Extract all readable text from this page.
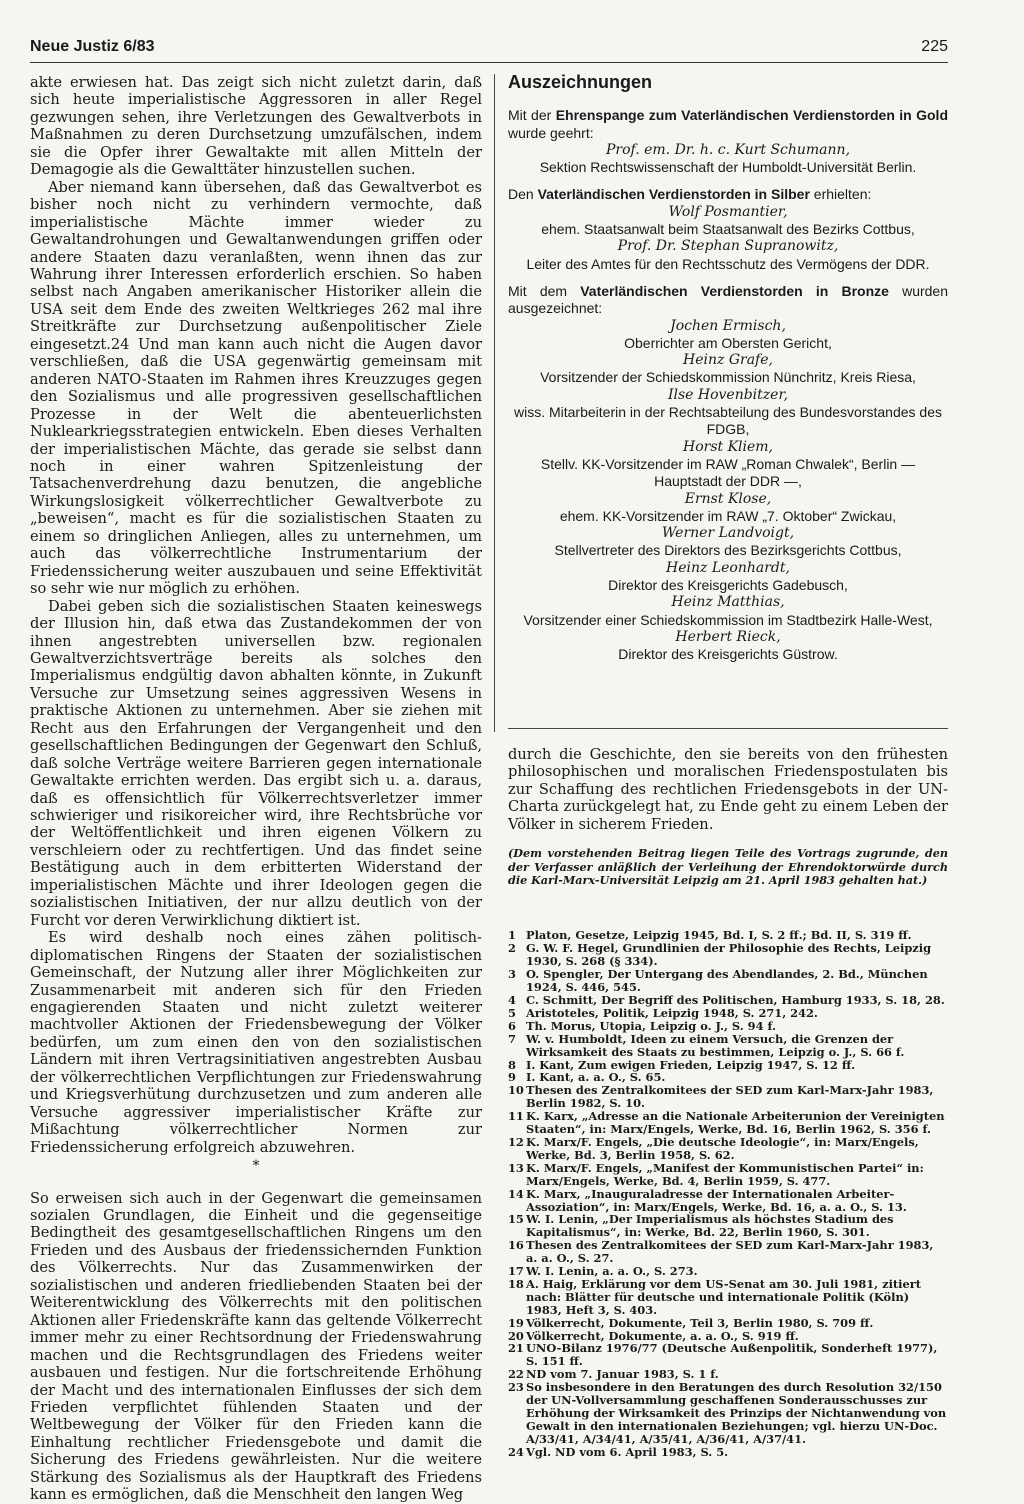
Neue Justiz 6/83	225

akte erwiesen hat. Das zeigt sich nicht zuletzt darin, daß sich heute imperialistische Aggressoren in aller Regel gezwungen sehen, ihre Verletzungen des Gewaltverbots in Maßnahmen zu deren Durchsetzung umzufälschen, indem sie die Opfer ihrer Gewaltakte mit allen Mitteln der Demagogie als die Gewalttäter hinzustellen suchen.

Aber niemand kann übersehen, daß das Gewaltverbot es bisher noch nicht zu verhindern vermochte, daß imperialistische Mächte immer wieder zu Gewaltandrohungen und Gewaltanwendungen griffen oder andere Staaten dazu veranlaßten, wenn ihnen das zur Wahrung ihrer Interessen erforderlich erschien. So haben selbst nach Angaben amerikanischer Historiker allein die USA seit dem Ende des zweiten Weltkrieges 262 mal ihre Streitkräfte zur Durchsetzung außenpolitischer Ziele eingesetzt.24 Und man kann auch nicht die Augen davor verschließen, daß die USA gegenwärtig gemeinsam mit anderen NATO-Staaten im Rahmen ihres Kreuzzuges gegen den Sozialismus und alle progressiven gesellschaftlichen Prozesse in der Welt die abenteuerlichsten Nuklearkriegsstrategien entwickeln. Eben dieses Verhalten der imperialistischen Mächte, das gerade sie selbst dann noch in einer wahren Spitzenleistung der Tatsachenverdrehung dazu benutzen, die angebliche Wirkungslosigkeit völkerrechtlicher Gewaltverbote zu „beweisen“, macht es für die sozialistischen Staaten zu einem so dringlichen Anliegen, alles zu unternehmen, um auch das völkerrechtliche Instrumentarium der Friedenssicherung weiter auszubauen und seine Effektivität so sehr wie nur möglich zu erhöhen.

Dabei geben sich die sozialistischen Staaten keineswegs der Illusion hin, daß etwa das Zustandekommen der von ihnen angestrebten universellen bzw. regionalen Gewaltverzichtsverträge bereits als solches den Imperialismus endgültig davon abhalten könnte, in Zukunft Versuche zur Umsetzung seines aggressiven Wesens in praktische Aktionen zu unternehmen. Aber sie ziehen mit Recht aus den Erfahrungen der Vergangenheit und den gesellschaftlichen Bedingungen der Gegenwart den Schluß, daß solche Verträge weitere Barrieren gegen internationale Gewaltakte errichten werden. Das ergibt sich u. a. daraus, daß es offensichtlich für Völkerrechtsverletzer immer schwieriger und risikoreicher wird, ihre Rechtsbrüche vor der Weltöffentlichkeit und ihren eigenen Völkern zu verschleiern oder zu rechtfertigen. Und das findet seine Bestätigung auch in dem erbitterten Widerstand der imperialistischen Mächte und ihrer Ideologen gegen die sozialistischen Initiativen, der nur allzu deutlich von der Furcht vor deren Verwirklichung diktiert ist.

Es wird deshalb noch eines zähen politisch-diplomatischen Ringens der Staaten der sozialistischen Gemeinschaft, der Nutzung aller ihrer Möglichkeiten zur Zusammenarbeit mit anderen sich für den Frieden engagierenden Staaten und nicht zuletzt weiterer machtvoller Aktionen der Friedensbewegung der Völker bedürfen, um zum einen den von den sozialistischen Ländern mit ihren Vertragsinitiativen angestrebten Ausbau der völkerrechtlichen Verpflichtungen zur Friedenswahrung und Kriegsverhütung durchzusetzen und zum anderen alle Versuche aggressiver imperialistischer Kräfte zur Mißachtung völkerrechtlicher Normen zur Friedenssicherung erfolgreich abzuwehren.

*

So erweisen sich auch in der Gegenwart die gemeinsamen sozialen Grundlagen, die Einheit und die gegenseitige Bedingtheit des gesamtgesellschaftlichen Ringens um den Frieden und des Ausbaus der friedenssichernden Funktion des Völkerrechts. Nur das Zusammenwirken der sozialistischen und anderen friedliebenden Staaten bei der Weiterentwicklung des Völkerrechts mit den politischen Aktionen aller Friedenskräfte kann das geltende Völkerrecht immer mehr zu einer Rechtsordnung der Friedenswahrung machen und die Rechtsgrundlagen des Friedens weiter ausbauen und festigen. Nur die fortschreitende Erhöhung der Macht und des internationalen Einflusses der sich dem Frieden verpflichtet fühlenden Staaten und der Weltbewegung der Völker für den Frieden kann die Einhaltung rechtlicher Friedensgebote und damit die Sicherung des Friedens gewährleisten. Nur die weitere Stärkung des Sozialismus als der Hauptkraft des Friedens kann es ermöglichen, daß die Menschheit den langen Weg

Auszeichnungen

Mit der Ehrenspange zum Vaterländischen Verdienstorden in Gold wurde geehrt:

Prof. em. Dr. h. c. Kurt Schumann,

Sektion Rechtswissenschaft der Humboldt-Universität Berlin.

Den Vaterländischen Verdienstorden in Silber erhielten:

Wolf Posmantier,

ehem. Staatsanwalt beim Staatsanwalt des Bezirks Cottbus,

Prof. Dr. Stephan Supranowitz,

Leiter des Amtes für den Rechtsschutz des Vermögens der DDR.

Mit dem Vaterländischen Verdienstorden in Bronze wurden ausgezeichnet:

Jochen Ermisch,

Oberrichter am Obersten Gericht,

Heinz Grafe,

Vorsitzender der Schiedskommission Nünchritz, Kreis Riesa,

Ilse Hovenbitzer,

wiss. Mitarbeiterin in der Rechtsabteilung des Bundesvorstandes des FDGB,

Horst Kliem,

Stellv. KK-Vorsitzender im RAW „Roman Chwalek“, Berlin — Hauptstadt der DDR —,

Ernst Klose,

ehem. KK-Vorsitzender im RAW „7. Oktober“ Zwickau,

Werner Landvoigt,

Stellvertreter des Direktors des Bezirksgerichts Cottbus,

Heinz Leonhardt,

Direktor des Kreisgerichts Gadebusch,

Heinz Matthias,

Vorsitzender einer Schiedskommission im Stadtbezirk Halle-West,

Herbert Rieck,

Direktor des Kreisgerichts Güstrow.

durch die Geschichte, den sie bereits von den frühesten philosophischen und moralischen Friedenspostulaten bis zur Schaffung des rechtlichen Friedensgebots in der UN-Charta zurückgelegt hat, zu Ende geht zu einem Leben der Völker in sicherem Frieden.

(Dem vorstehenden Beitrag liegen Teile des Vortrags zugrunde, den der Verfasser anläßlich der Verleihung der Ehrendoktorwürde durch die Karl-Marx-Universität Leipzig am 21. April 1983 gehalten hat.)

1 Platon, Gesetze, Leipzig 1945, Bd. I, S. 2 ff.; Bd. II, S. 319 ff.
2 G. W. F. Hegel, Grundlinien der Philosophie des Rechts, Leipzig 1930, S. 268 (§ 334).
3 O. Spengler, Der Untergang des Abendlandes, 2. Bd., München 1924, S. 446, 545.
4 C. Schmitt, Der Begriff des Politischen, Hamburg 1933, S. 18, 28.
5 Aristoteles, Politik, Leipzig 1948, S. 271, 242.
6 Th. Morus, Utopia, Leipzig o. J., S. 94 f.
7 W. v. Humboldt, Ideen zu einem Versuch, die Grenzen der Wirksamkeit des Staats zu bestimmen, Leipzig o. J., S. 66 f.
8 I. Kant, Zum ewigen Frieden, Leipzig 1947, S. 12 ff.
9 I. Kant, a. a. O., S. 65.
10 Thesen des Zentralkomitees der SED zum Karl-Marx-Jahr 1983, Berlin 1982, S. 10.
11 K. Karx, „Adresse an die Nationale Arbeiterunion der Vereinigten Staaten“, in: Marx/Engels, Werke, Bd. 16, Berlin 1962, S. 356 f.
12 K. Marx/F. Engels, „Die deutsche Ideologie“, in: Marx/Engels, Werke, Bd. 3, Berlin 1958, S. 62.
13 K. Marx/F. Engels, „Manifest der Kommunistischen Partei“ in: Marx/Engels, Werke, Bd. 4, Berlin 1959, S. 477.
14 K. Marx, „Inauguraladresse der Internationalen Arbeiter-Assoziation“, in: Marx/Engels, Werke, Bd. 16, a. a. O., S. 13.
15 W. I. Lenin, „Der Imperialismus als höchstes Stadium des Kapitalismus“, in: Werke, Bd. 22, Berlin 1960, S. 301.
16 Thesen des Zentralkomitees der SED zum Karl-Marx-Jahr 1983, a. a. O., S. 27.
17 W. I. Lenin, a. a. O., S. 273.
18 A. Haig, Erklärung vor dem US-Senat am 30. Juli 1981, zitiert nach: Blätter für deutsche und internationale Politik (Köln) 1983, Heft 3, S. 403.
19 Völkerrecht, Dokumente, Teil 3, Berlin 1980, S. 709 ff.
20 Völkerrecht, Dokumente, a. a. O., S. 919 ff.
21 UNO-Bilanz 1976/77 (Deutsche Außenpolitik, Sonderheft 1977), S. 151 ff.
22 ND vom 7. Januar 1983, S. 1 f.
23 So insbesondere in den Beratungen des durch Resolution 32/150 der UN-Vollversammlung geschaffenen Sonderausschusses zur Erhöhung der Wirksamkeit des Prinzips der Nichtanwendung von Gewalt in den internationalen Beziehungen; vgl. hierzu UN-Doc. A/33/41, A/34/41, A/35/41, A/36/41, A/37/41.
24 Vgl. ND vom 6. April 1983, S. 5.
